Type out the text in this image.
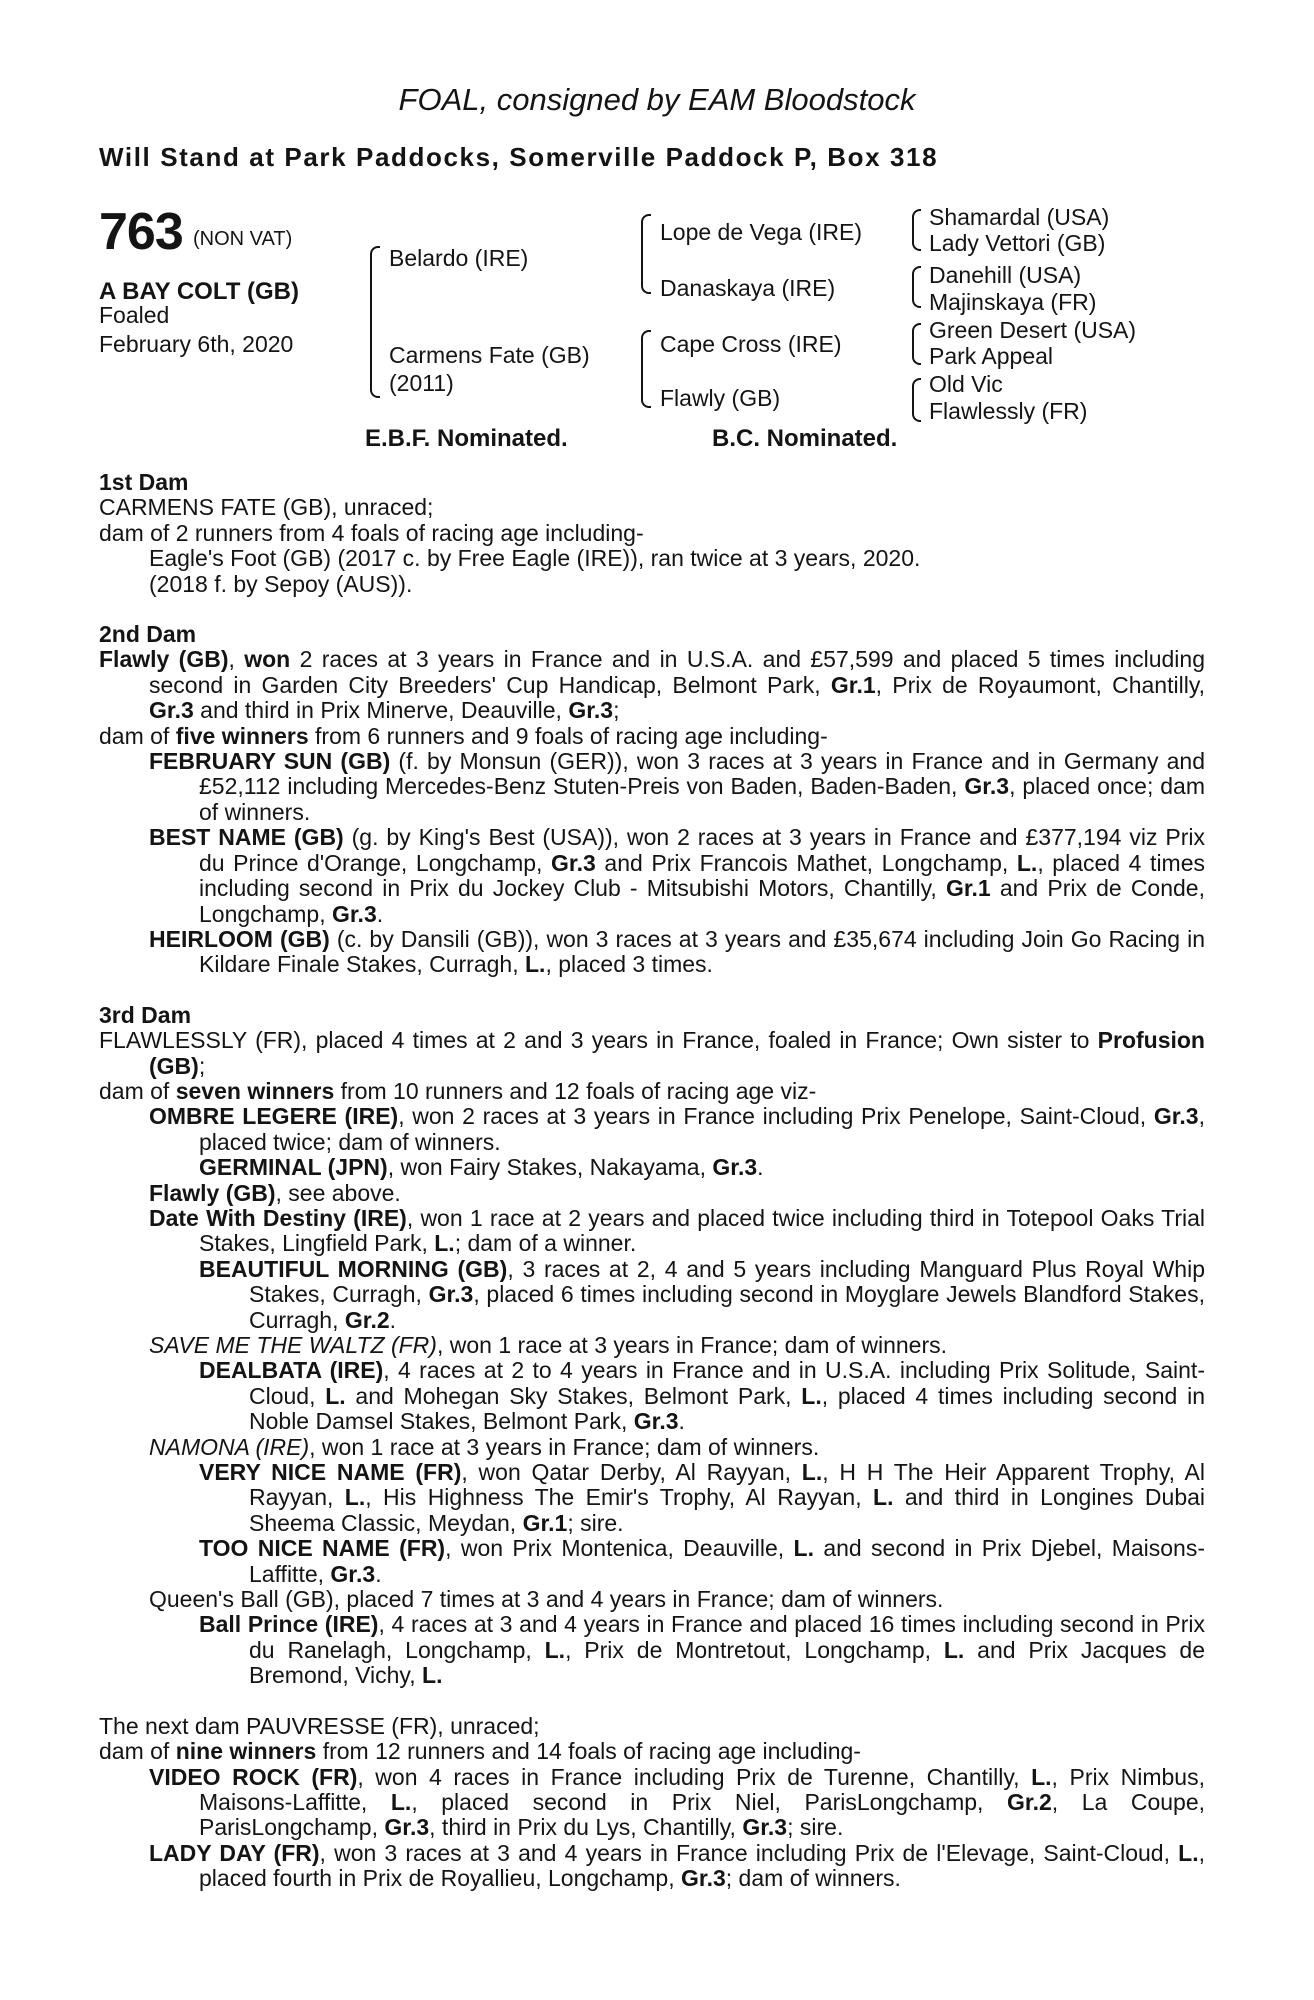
FOAL, consigned by EAM Bloodstock
Will Stand at Park Paddocks, Somerville Paddock P, Box 318
763 (NON VAT)
A BAY COLT (GB)
Foaled
February 6th, 2020
Belardo (IRE)
Carmens Fate (GB)
(2011)
Lope de Vega (IRE)
Danaskaya (IRE)
Cape Cross (IRE)
Flawly (GB)
Shamardal (USA)
Lady Vettori (GB)
Danehill (USA)
Majinskaya (FR)
Green Desert (USA)
Park Appeal
Old Vic
Flawlessly (FR)
E.B.F. Nominated.	B.C. Nominated.

1st Dam

CARMENS FATE (GB), unraced;

dam of 2 runners from 4 foals of racing age including-

Eagle's Foot (GB) (2017 c. by Free Eagle (IRE)), ran twice at 3 years, 2020.

(2018 f. by Sepoy (AUS)).

2nd Dam

Flawly (GB), won 2 races at 3 years in France and in U.S.A. and £57,599 and placed 5 times including second in Garden City Breeders' Cup Handicap, Belmont Park, Gr.1, Prix de Royaumont, Chantilly, Gr.3 and third in Prix Minerve, Deauville, Gr.3;

dam of five winners from 6 runners and 9 foals of racing age including-

FEBRUARY SUN (GB) (f. by Monsun (GER)), won 3 races at 3 years in France and in Germany and £52,112 including Mercedes-Benz Stuten-Preis von Baden, Baden-Baden, Gr.3, placed once; dam of winners.

BEST NAME (GB) (g. by King's Best (USA)), won 2 races at 3 years in France and £377,194 viz Prix du Prince d'Orange, Longchamp, Gr.3 and Prix Francois Mathet, Longchamp, L., placed 4 times including second in Prix du Jockey Club - Mitsubishi Motors, Chantilly, Gr.1 and Prix de Conde, Longchamp, Gr.3.

HEIRLOOM (GB) (c. by Dansili (GB)), won 3 races at 3 years and £35,674 including Join Go Racing in Kildare Finale Stakes, Curragh, L., placed 3 times.

3rd Dam

FLAWLESSLY (FR), placed 4 times at 2 and 3 years in France, foaled in France; Own sister to Profusion (GB);

dam of seven winners from 10 runners and 12 foals of racing age viz-

OMBRE LEGERE (IRE), won 2 races at 3 years in France including Prix Penelope, Saint-Cloud, Gr.3, placed twice; dam of winners.

GERMINAL (JPN), won Fairy Stakes, Nakayama, Gr.3.

Flawly (GB), see above.

Date With Destiny (IRE), won 1 race at 2 years and placed twice including third in Totepool Oaks Trial Stakes, Lingfield Park, L.; dam of a winner.

BEAUTIFUL MORNING (GB), 3 races at 2, 4 and 5 years including Manguard Plus Royal Whip Stakes, Curragh, Gr.3, placed 6 times including second in Moyglare Jewels Blandford Stakes, Curragh, Gr.2.

SAVE ME THE WALTZ (FR), won 1 race at 3 years in France; dam of winners.

DEALBATA (IRE), 4 races at 2 to 4 years in France and in U.S.A. including Prix Solitude, Saint-Cloud, L. and Mohegan Sky Stakes, Belmont Park, L., placed 4 times including second in Noble Damsel Stakes, Belmont Park, Gr.3.

NAMONA (IRE), won 1 race at 3 years in France; dam of winners.

VERY NICE NAME (FR), won Qatar Derby, Al Rayyan, L., H H The Heir Apparent Trophy, Al Rayyan, L., His Highness The Emir's Trophy, Al Rayyan, L. and third in Longines Dubai Sheema Classic, Meydan, Gr.1; sire.

TOO NICE NAME (FR), won Prix Montenica, Deauville, L. and second in Prix Djebel, Maisons-Laffitte, Gr.3.

Queen's Ball (GB), placed 7 times at 3 and 4 years in France; dam of winners.

Ball Prince (IRE), 4 races at 3 and 4 years in France and placed 16 times including second in Prix du Ranelagh, Longchamp, L., Prix de Montretout, Longchamp, L. and Prix Jacques de Bremond, Vichy, L.

The next dam PAUVRESSE (FR), unraced;

dam of nine winners from 12 runners and 14 foals of racing age including-

VIDEO ROCK (FR), won 4 races in France including Prix de Turenne, Chantilly, L., Prix Nimbus, Maisons-Laffitte, L., placed second in Prix Niel, ParisLongchamp, Gr.2, La Coupe, ParisLongchamp, Gr.3, third in Prix du Lys, Chantilly, Gr.3; sire.

LADY DAY (FR), won 3 races at 3 and 4 years in France including Prix de l'Elevage, Saint-Cloud, L., placed fourth in Prix de Royallieu, Longchamp, Gr.3; dam of winners.
